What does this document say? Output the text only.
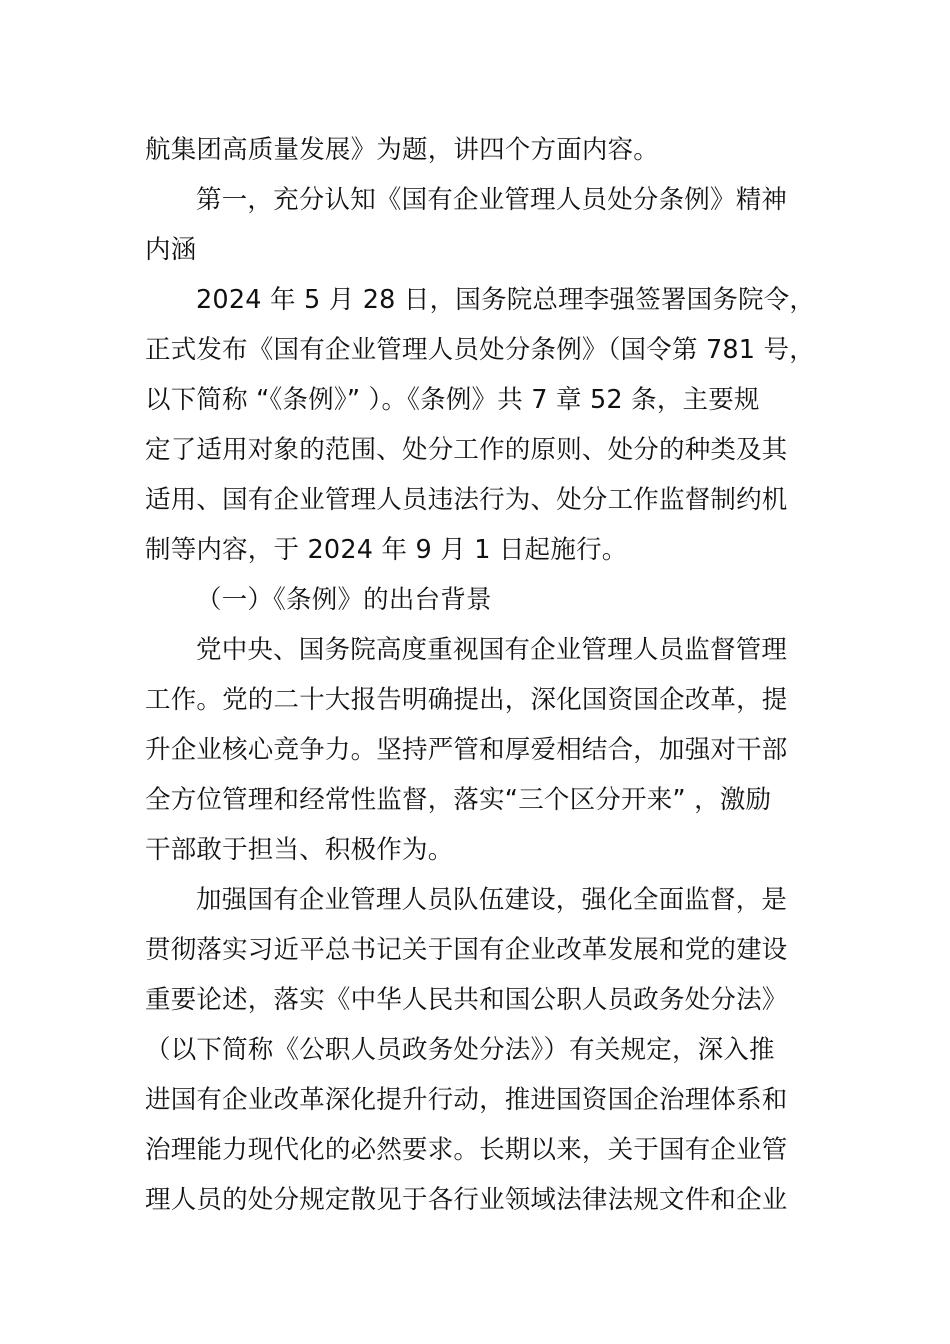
航集团高质量发展》为题，讲四个方面内容。
第一，充分认知《国有企业管理人员处分条例》精神
内涵
2024 年 5 月 28 日，国务院总理李强签署国务院令，
正式发布《国有企业管理人员处分条例》（国令第 781 号，
以下简称 “《条例》” ）。《条例》共 7 章 52 条，主要规
定了适用对象的范围、处分工作的原则、处分的种类及其
适用、国有企业管理人员违法行为、处分工作监督制约机
制等内容，于 2024 年 9 月 1 日起施行。
（一）《条例》的出台背景
党中央、国务院高度重视国有企业管理人员监督管理
工作。党的二十大报告明确提出，深化国资国企改革，提
升企业核心竞争力。坚持严管和厚爱相结合，加强对干部
全方位管理和经常性监督，落实“三个区分开来” ，激励
干部敢于担当、积极作为。
加强国有企业管理人员队伍建设，强化全面监督，是
贯彻落实习近平总书记关于国有企业改革发展和党的建设
重要论述，落实《中华人民共和国公职人员政务处分法》
（以下简称《公职人员政务处分法》）有关规定，深入推
进国有企业改革深化提升行动，推进国资国企治理体系和
治理能力现代化的必然要求。长期以来，关于国有企业管
理人员的处分规定散见于各行业领域法律法规文件和企业
